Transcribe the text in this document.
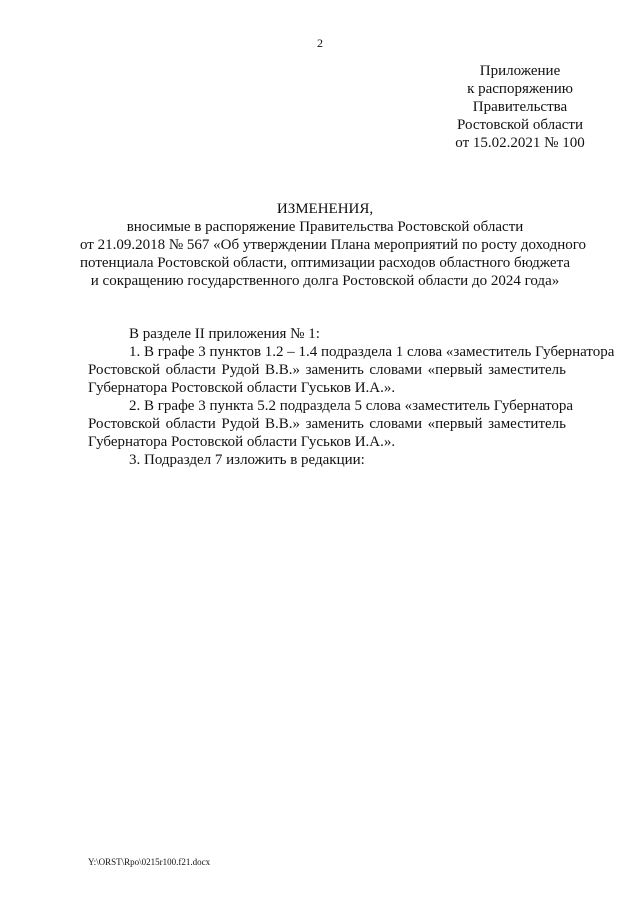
2
Приложение
к распоряжению
Правительства
Ростовской области
от 15.02.2021 № 100
ИЗМЕНЕНИЯ,
вносимые в распоряжение Правительства Ростовской области
от 21.09.2018 № 567 «Об утверждении Плана мероприятий по росту доходного
потенциала Ростовской области, оптимизации расходов областного бюджета
и сокращению государственного долга Ростовской области до 2024 года»
В разделе II приложения № 1:
1. В графе 3 пунктов 1.2 – 1.4 подраздела 1 слова «заместитель Губернатора
Ростовской области Рудой В.В.» заменить словами «первый заместитель
Губернатора Ростовской области Гуськов И.А.».
2. В графе 3 пункта 5.2 подраздела 5 слова «заместитель Губернатора
Ростовской области Рудой В.В.» заменить словами «первый заместитель
Губернатора Ростовской области Гуськов И.А.».
3. Подраздел 7 изложить в редакции:
Y:\ORST\Rpo\0215r100.f21.docx
